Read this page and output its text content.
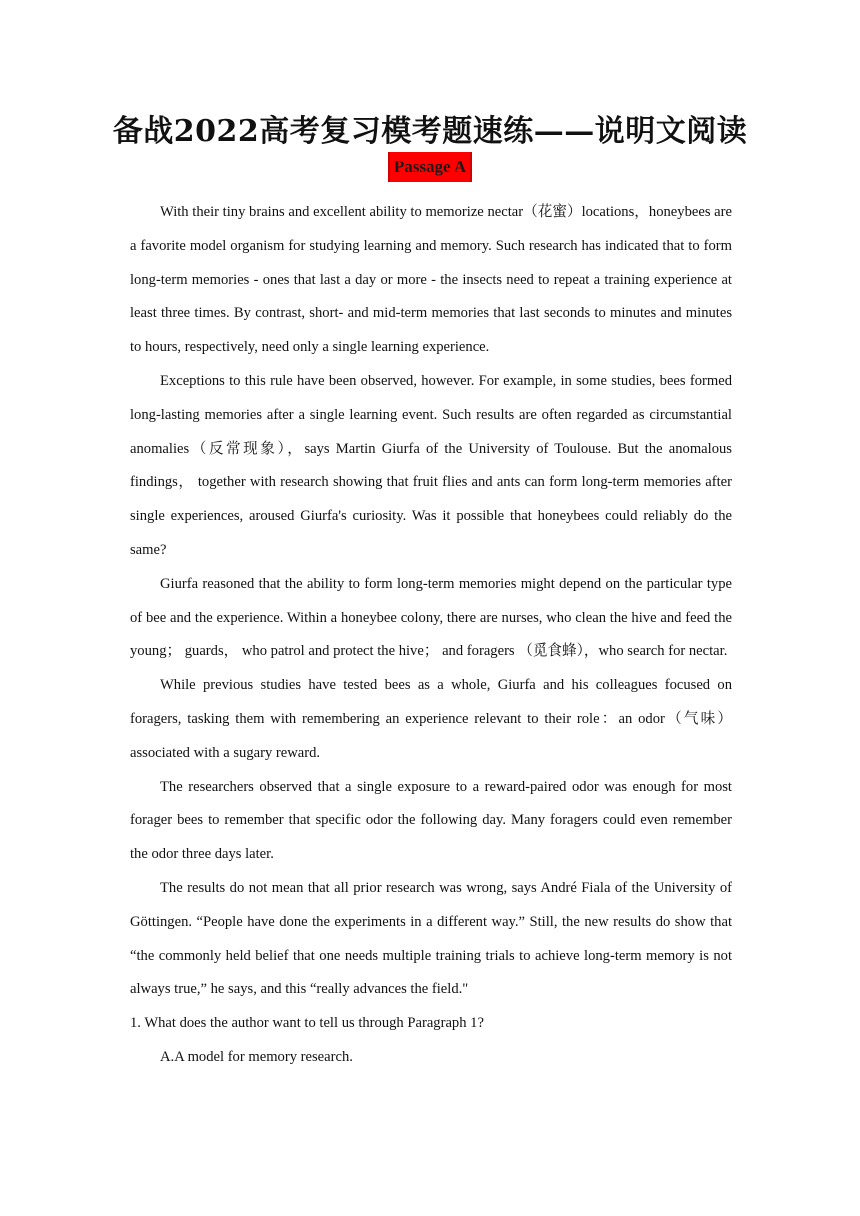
备战2022高考复习模考题速练——说明文阅读
Passage A

With their tiny brains and excellent ability to memorize nectar（花蜜）locations，honeybees are a favorite model organism for studying learning and memory. Such research has indicated that to form long-term memories - ones that last a day or more - the insects need to repeat a training experience at least three times. By contrast, short- and mid-term memories that last seconds to minutes and minutes to hours, respectively, need only a single learning experience.

Exceptions to this rule have been observed, however. For example, in some studies, bees formed long-lasting memories after a single learning event. Such results are often regarded as circumstantial anomalies（反常现象），says Martin Giurfa of the University of Toulouse. But the anomalous findings， together with research showing that fruit flies and ants can form long-term memories after single experiences, aroused Giurfa's curiosity. Was it possible that honeybees could reliably do the same?

Giurfa reasoned that the ability to form long-term memories might depend on the particular type of bee and the experience. Within a honeybee colony, there are nurses, who clean the hive and feed the young； guards， who patrol and protect the hive； and foragers （觅食蜂），who search for nectar.

While previous studies have tested bees as a whole, Giurfa and his colleagues focused on foragers, tasking them with remembering an experience relevant to their role：an odor（气味）associated with a sugary reward.

The researchers observed that a single exposure to a reward-paired odor was enough for most forager bees to remember that specific odor the following day. Many foragers could even remember the odor three days later.

The results do not mean that all prior research was wrong, says André Fiala of the University of Göttingen. “People have done the experiments in a different way.” Still, the new results do show that “the commonly held belief that one needs multiple training trials to achieve long-term memory is not always true,” he says, and this “really advances the field."

1. What does the author want to tell us through Paragraph 1?

A.A model for memory research.
